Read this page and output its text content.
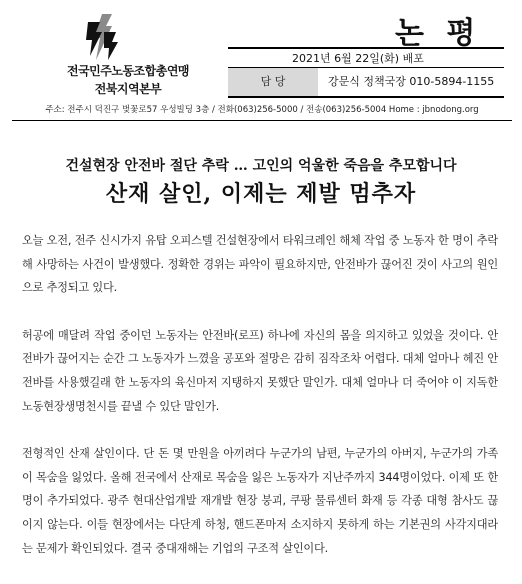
전국민주노동조합총연맹
전북지역본부
논 평
2021년 6월 22일(화) 배포
담 당	강문식 정책국장 010-5894-1155
주소: 전주시 덕진구 벚꽃로57 우성빌딩 3층 / 전화(063)256-5000 / 전송(063)256-5004 Home : jbnodong.org
건설현장 안전바 절단 추락 … 고인의 억울한 죽음을 추모합니다
산재 살인, 이제는 제발 멈추자

오늘 오전, 전주 신시가지 유탑 오피스텔 건설현장에서 타워크레인 해체 작업 중 노동자 한 명이 추락해 사망하는 사건이 발생했다. 정확한 경위는 파악이 필요하지만, 안전바가 끊어진 것이 사고의 원인으로 추정되고 있다.

허공에 매달려 작업 중이던 노동자는 안전바(로프) 하나에 자신의 몸을 의지하고 있었을 것이다. 안전바가 끊어지는 순간 그 노동자가 느꼈을 공포와 절망은 감히 짐작조차 어렵다. 대체 얼마나 헤진 안전바를 사용했길래 한 노동자의 육신마저 지탱하지 못했단 말인가. 대체 얼마나 더 죽어야 이 지독한 노동현장생명천시를 끝낼 수 있단 말인가.

전형적인 산재 살인이다. 단 돈 몇 만원을 아끼려다 누군가의 남편, 누군가의 아버지, 누군가의 가족이 목숨을 잃었다. 올해 전국에서 산재로 목숨을 잃은 노동자가 지난주까지 344명이었다. 이제 또 한 명이 추가되었다. 광주 현대산업개발 재개발 현장 붕괴, 쿠팡 물류센터 화재 등 각종 대형 참사도 끊이지 않는다. 이들 현장에서는 다단계 하청, 핸드폰마저 소지하지 못하게 하는 기본권의 사각지대라는 문제가 확인되었다. 결국 중대재해는 기업의 구조적 살인이다.
